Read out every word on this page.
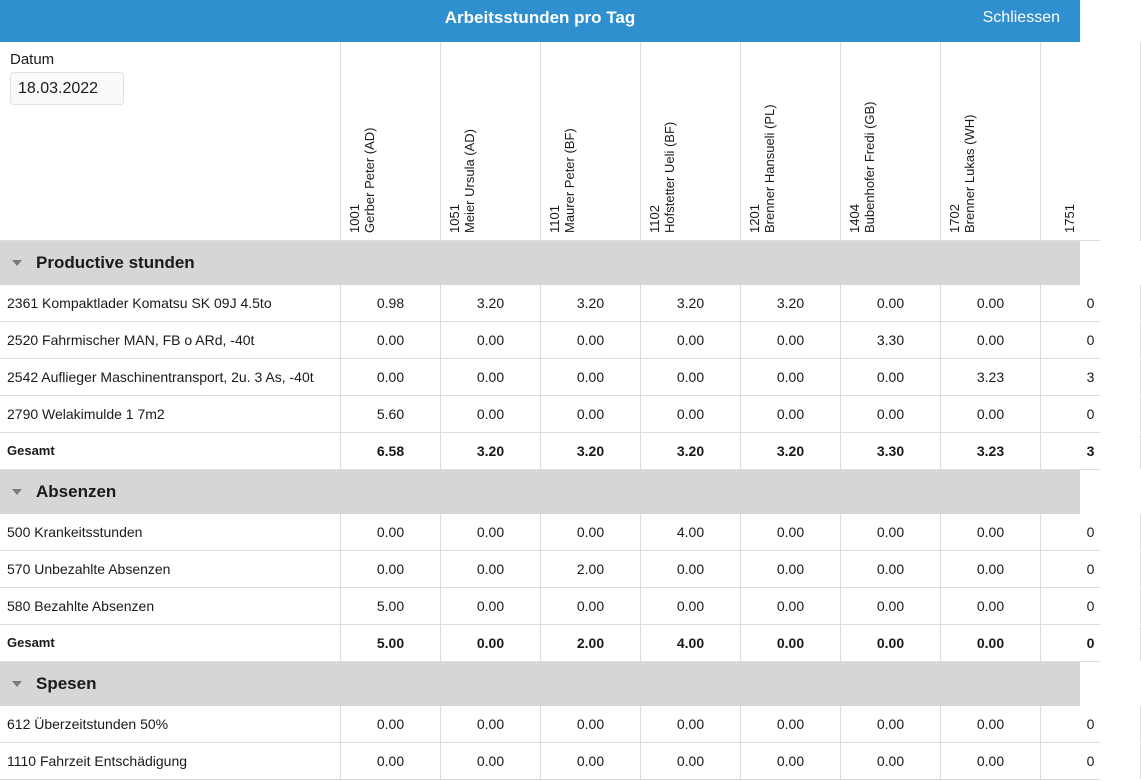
Arbeitsstunden pro Tag	Schliessen
Datum
18.03.2022
1001 Gerber Peter (AD)	1051 Meier Ursula (AD)	1101 Maurer Peter (BF)	1102 Hofstetter Ueli (BF)	1201 Brenner Hansueli (PL)	1404 Bubenhofer Fredi (GB)	1702 Brenner Lukas (WH)	1751
Productive stunden
2361 Kompaktlader Komatsu SK 09J 4.5to	0.98	3.20	3.20	3.20	3.20	0.00	0.00	0
2520 Fahrmischer MAN, FB o ARd, -40t	0.00	0.00	0.00	0.00	0.00	3.30	0.00	0
2542 Auflieger Maschinentransport, 2u. 3 As, -40t	0.00	0.00	0.00	0.00	0.00	0.00	3.23	3
2790 Welakimulde 1 7m2	5.60	0.00	0.00	0.00	0.00	0.00	0.00	0
Gesamt	6.58	3.20	3.20	3.20	3.20	3.30	3.23	3
Absenzen
500 Krankeitsstunden	0.00	0.00	0.00	4.00	0.00	0.00	0.00	0
570 Unbezahlte Absenzen	0.00	0.00	2.00	0.00	0.00	0.00	0.00	0
580 Bezahlte Absenzen	5.00	0.00	0.00	0.00	0.00	0.00	0.00	0
Gesamt	5.00	0.00	2.00	4.00	0.00	0.00	0.00	0
Spesen
612 Überzeitstunden 50%	0.00	0.00	0.00	0.00	0.00	0.00	0.00	0
1110 Fahrzeit Entschädigung	0.00	0.00	0.00	0.00	0.00	0.00	0.00	0
